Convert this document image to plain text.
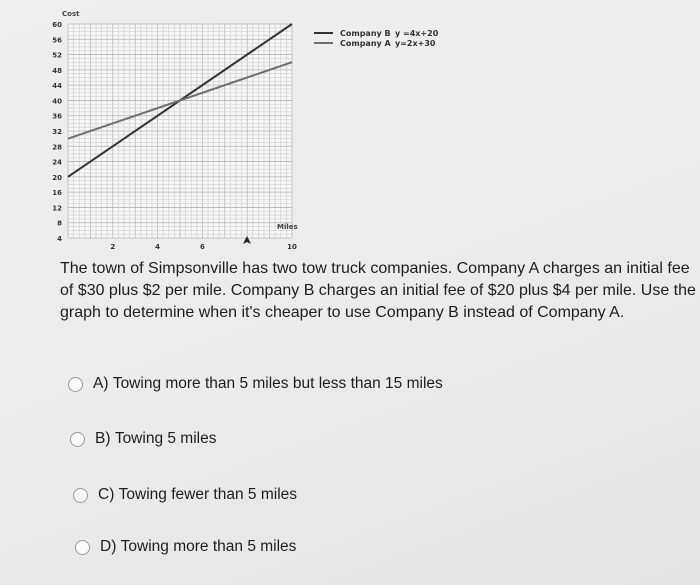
60
56
52
48
44
40
36
32
28
24
20
16
12
8
4
2	4	6	10
Cost
Miles
Company B y =4x+20
Company A y=2x+30
The town of Simpsonville has two tow truck companies. Company A charges an initial fee of $30 plus $2 per mile. Company B charges an initial fee of $20 plus $4 per mile. Use the graph to determine when it's cheaper to use Company B instead of Company A.
A)
Towing more than 5 miles but less than 15 miles
B)
Towing 5 miles
C)
Towing fewer than 5 miles
D)
Towing more than 5 miles
